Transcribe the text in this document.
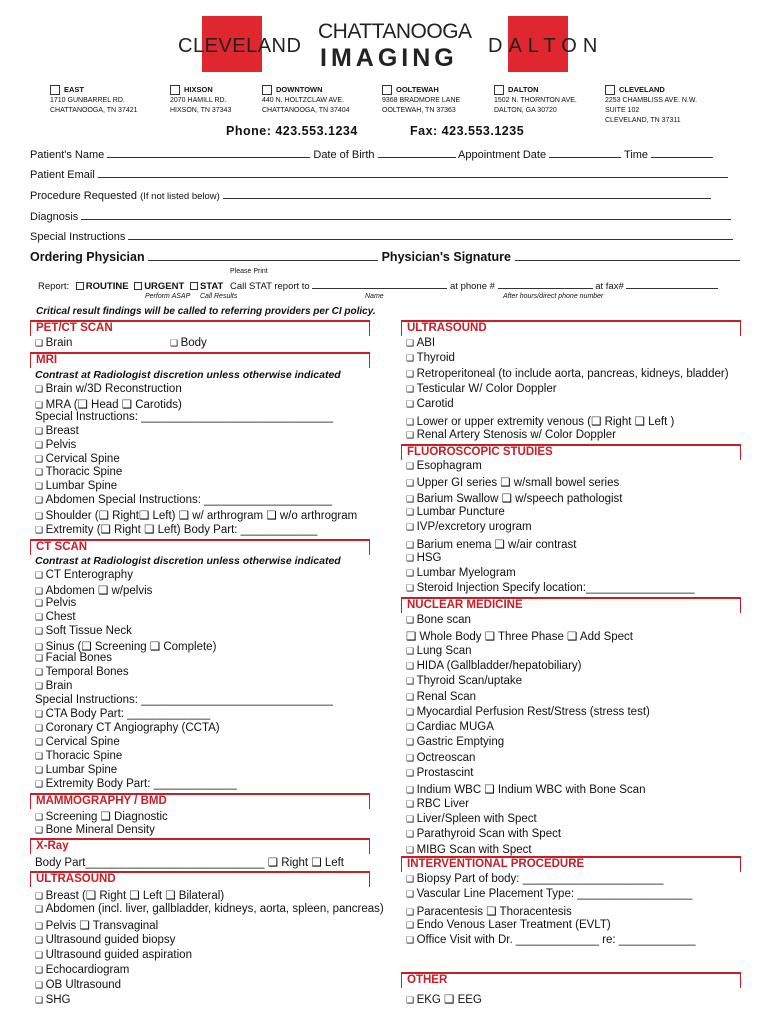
CLEVELAND
CHATTANOOGA
IMAGING DALTON
EAST
1710 GUNBARREL RD.
CHATTANOOGA, TN 37421
HIXSON
2070 HAMILL RD.
HIXSON, TN 37343
DOWNTOWN
440 N. HOLTZCLAW AVE.
CHATTANOOGA, TN 37404
OOLTEWAH
9368 BRADMORE LANE
OOLTEWAH, TN 37363
DALTON
1502 N. THORNTON AVE.
DALTON, GA 30720
CLEVELAND
2253 CHAMBLISS AVE. N.W.
SUITE 102
CLEVELAND, TN 37311
Phone: 423.553.1234	Fax: 423.553.1235
Patient's Name	Date of Birth	Appointment Date	Time
Patient Email
Procedure Requested (If not listed below)
Diagnosis
Special Instructions
Ordering Physician	Physician's Signature
Please Print
Report: ROUTINE URGENT STAT Call STAT report to	at phone #	at fax#
Perform ASAP Call Results	Name	After hours/direct phone number
Critical result findings will be called to referring providers per CI policy.
PET/CT SCAN
❑ Brain	❑ Body
MRI
Contrast at Radiologist discretion unless otherwise indicated
❑ Brain w/3D Reconstruction
❑ MRA (❑ Head ❑ Carotids)
Special Instructions: ______________________________
❑ Breast
❑ Pelvis
❑ Cervical Spine
❑ Thoracic Spine
❑ Lumbar Spine
❑ Abdomen Special Instructions: ____________________
❑ Shoulder (❑ Right❑ Left) ❑ w/ arthrogram ❑ w/o arthrogram
❑ Extremity (❑ Right ❑ Left) Body Part: ____________
CT SCAN
Contrast at Radiologist discretion unless otherwise indicated
❑ CT Enterography
❑ Abdomen ❑ w/pelvis
❑ Pelvis
❑ Chest
❑ Soft Tissue Neck
❑ Sinus (❑ Screening ❑ Complete)
❑ Facial Bones
❑ Temporal Bones
❑ Brain
Special Instructions: ______________________________
❑ CTA Body Part: _____________
❑ Coronary CT Angiography (CCTA)
❑ Cervical Spine
❑ Thoracic Spine
❑ Lumbar Spine
❑ Extremity Body Part: _____________
MAMMOGRAPHY / BMD
❑ Screening ❑ Diagnostic
❑ Bone Mineral Density
X-Ray
Body Part____________________________ ❑ Right ❑ Left
ULTRASOUND
❑ Breast (❑ Right ❑ Left ❑ Bilateral)
❑ Abdomen (incl. liver, gallbladder, kidneys, aorta, spleen, pancreas)
❑ Pelvis ❑ Transvaginal
❑ Ultrasound guided biopsy
❑ Ultrasound guided aspiration
❑ Echocardiogram
❑ OB Ultrasound
❑ SHG
ULTRASOUND
❑ ABI
❑ Thyroid
❑ Retroperitoneal (to include aorta, pancreas, kidneys, bladder)
❑ Testicular W/ Color Doppler
❑ Carotid
❑ Lower or upper extremity venous (❑ Right ❑ Left )
❑ Renal Artery Stenosis w/ Color Doppler
FLUOROSCOPIC STUDIES
❑ Esophagram
❑ Upper GI series ❑ w/small bowel series
❑ Barium Swallow ❑ w/speech pathologist
❑ Lumbar Puncture
❑ IVP/excretory urogram
❑ Barium enema ❑ w/air contrast
❑ HSG
❑ Lumbar Myelogram
❑ Steroid Injection Specify location:_________________
NUCLEAR MEDICINE
❑ Bone scan
❑ Whole Body ❑ Three Phase ❑ Add Spect
❑ Lung Scan
❑ HIDA (Gallbladder/hepatobiliary)
❑ Thyroid Scan/uptake
❑ Renal Scan
❑ Myocardial Perfusion Rest/Stress (stress test)
❑ Cardiac MUGA
❑ Gastric Emptying
❑ Octreoscan
❑ Prostascint
❑ Indium WBC ❑ Indium WBC with Bone Scan
❑ RBC Liver
❑ Liver/Spleen with Spect
❑ Parathyroid Scan with Spect
❑ MIBG Scan with Spect
INTERVENTIONAL PROCEDURE
❑ Biopsy Part of body: ______________________
❑ Vascular Line Placement Type: __________________
❑ Paracentesis ❑ Thoracentesis
❑ Endo Venous Laser Treatment (EVLT)
❑ Office Visit with Dr. _____________ re: ____________
OTHER
❑ EKG ❑ EEG
